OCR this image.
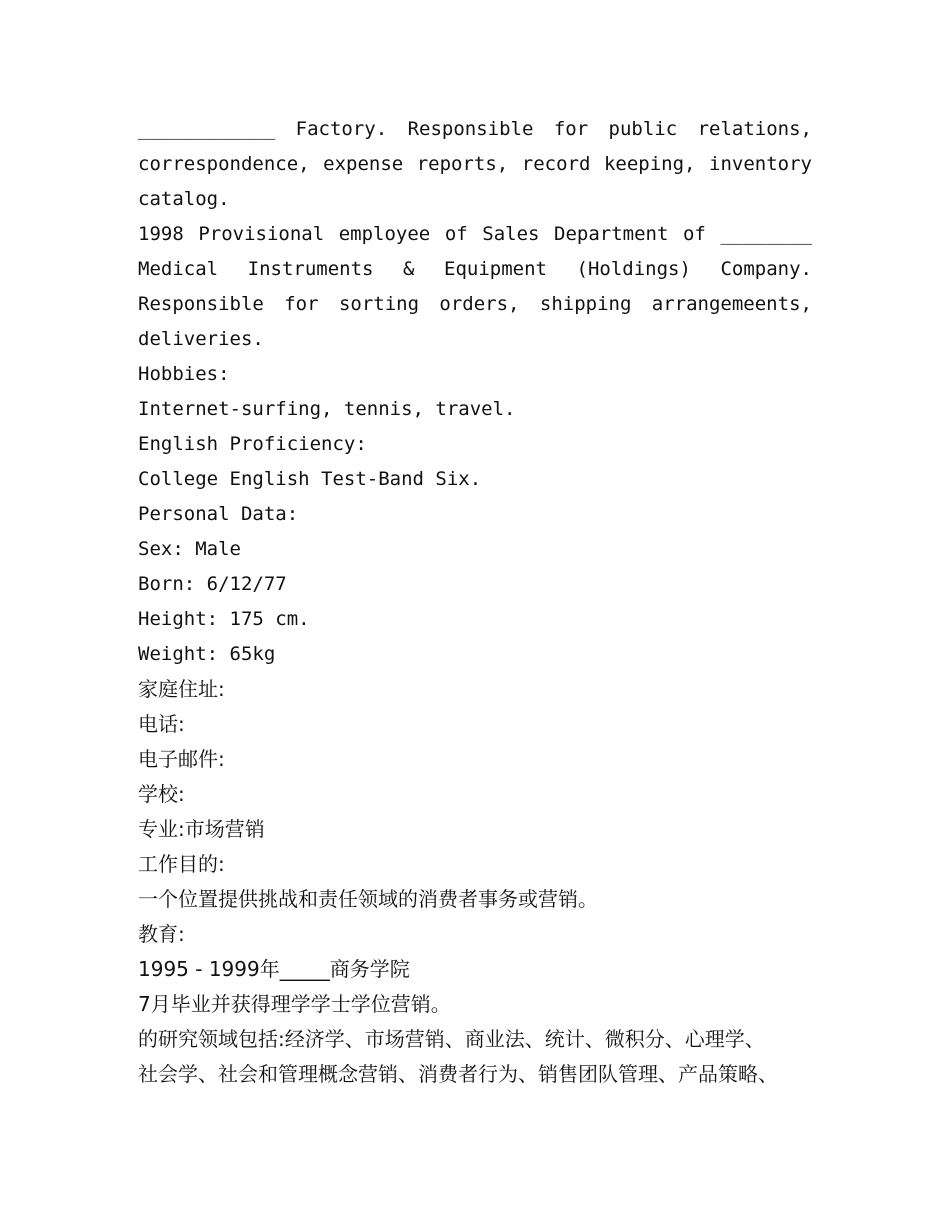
____________ Factory. Responsible for public relations,
correspondence, expense reports, record keeping, inventory
catalog.
1998 Provisional employee of Sales Department of ________
Medical Instruments & Equipment (Holdings) Company.
Responsible for sorting orders, shipping arrangemeents,
deliveries.
Hobbies:
Internet-surfing, tennis, travel.
English Proficiency:
College English Test-Band Six.
Personal Data:
Sex: Male
Born: 6/12/77
Height: 175 cm.
Weight: 65kg
家庭住址:
电话:
电子邮件:
学校:
专业:市场营销
工作目的:
一个位置提供挑战和责任领域的消费者事务或营销。
教育:
1995 - 1999年_____商务学院
7月毕业并获得理学学士学位营销。
的研究领域包括:经济学、市场营销、商业法、统计、微积分、心理学、
社会学、社会和管理概念营销、消费者行为、销售团队管理、产品策略、
